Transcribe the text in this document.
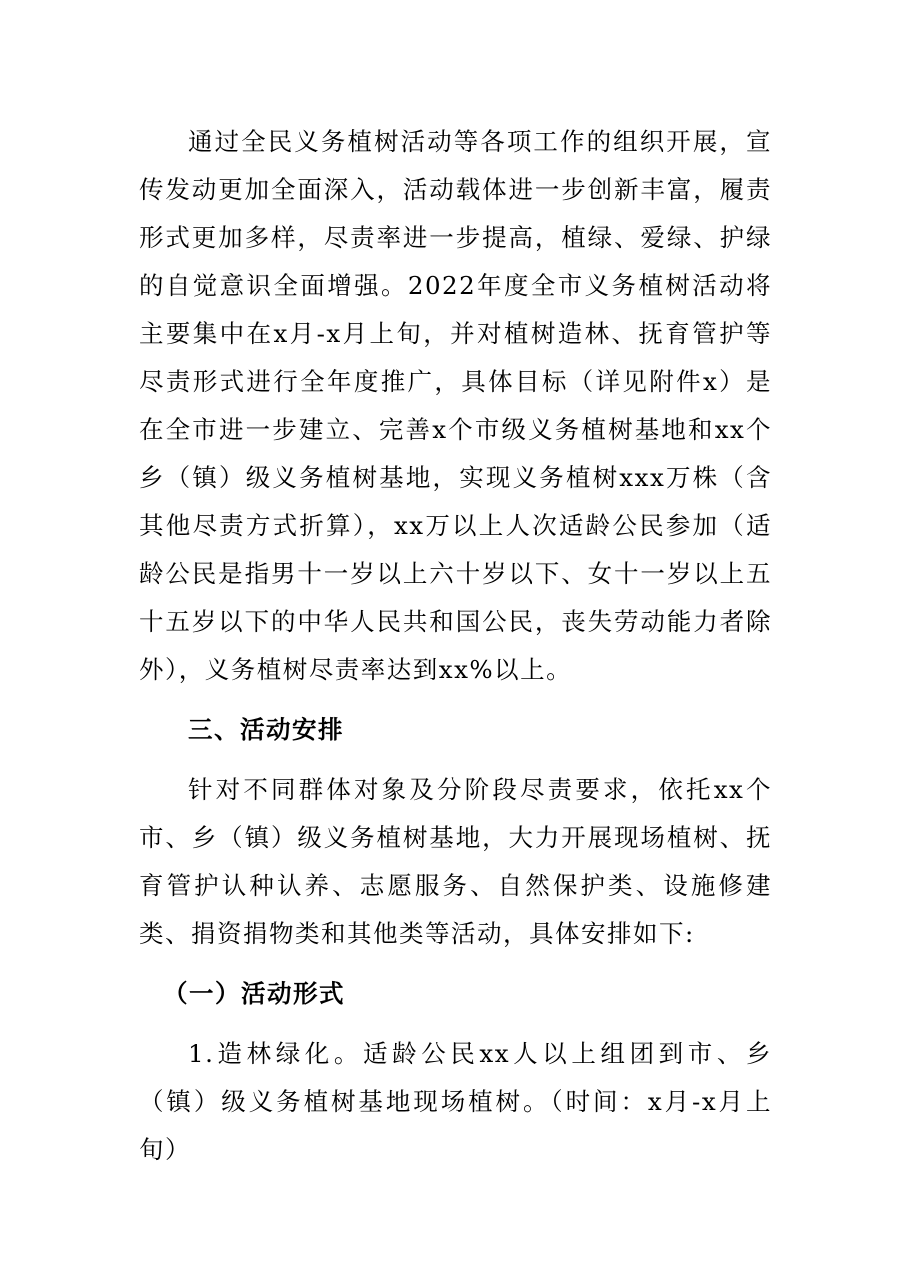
通过全民义务植树活动等各项工作的组织开展，宣传发动更加全面深入，活动载体进一步创新丰富，履责形式更加多样，尽责率进一步提高，植绿、爱绿、护绿的自觉意识全面增强。2022年度全市义务植树活动将主要集中在x月-x月上旬，并对植树造林、抚育管护等尽责形式进行全年度推广，具体目标（详见附件x）是在全市进一步建立、完善x个市级义务植树基地和xx个乡（镇）级义务植树基地，实现义务植树xxx万株（含其他尽责方式折算），xx万以上人次适龄公民参加（适龄公民是指男十一岁以上六十岁以下、女十一岁以上五十五岁以下的中华人民共和国公民，丧失劳动能力者除外），义务植树尽责率达到xx%以上。

三、活动安排

针对不同群体对象及分阶段尽责要求，依托xx个市、乡（镇）级义务植树基地，大力开展现场植树、抚育管护认种认养、志愿服务、自然保护类、设施修建类、捐资捐物类和其他类等活动，具体安排如下:

（一）活动形式

1.造林绿化。适龄公民xx人以上组团到市、乡（镇）级义务植树基地现场植树。（时间：x月-x月上旬）
